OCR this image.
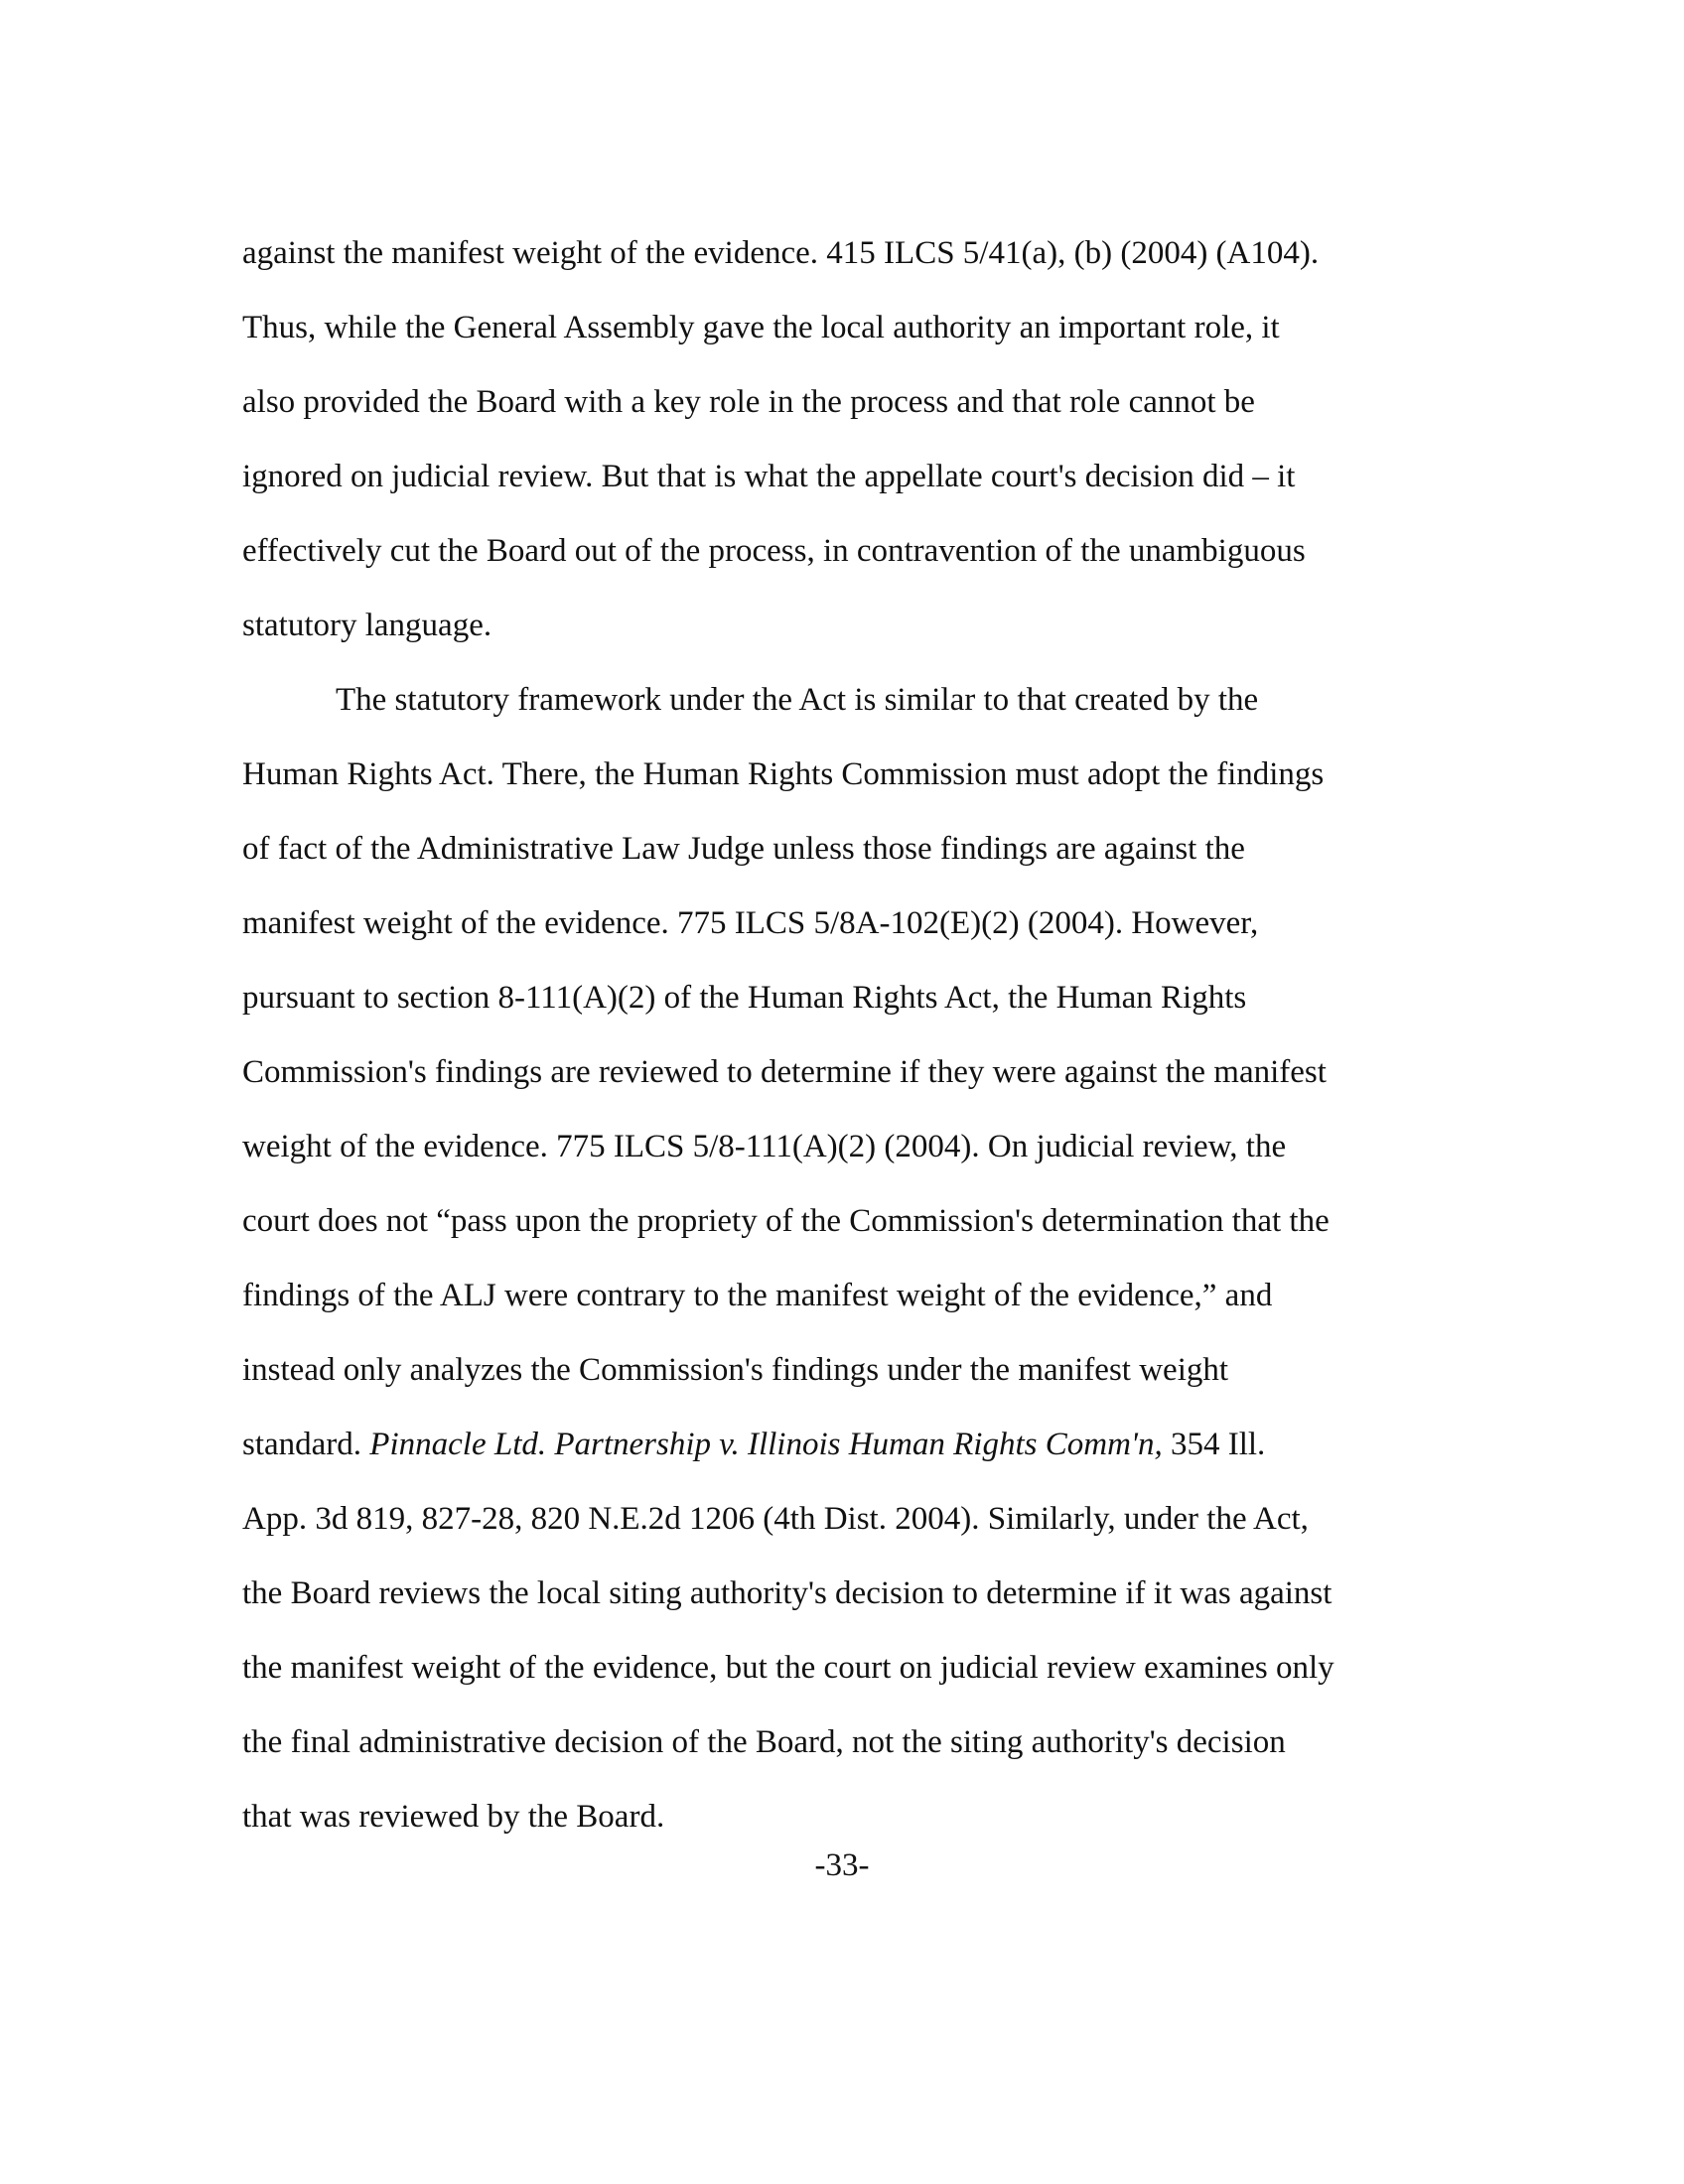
against the manifest weight of the evidence. 415 ILCS 5/41(a), (b) (2004) (A104).
Thus, while the General Assembly gave the local authority an important role, it
also provided the Board with a key role in the process and that role cannot be
ignored on judicial review. But that is what the appellate court's decision did – it
effectively cut the Board out of the process, in contravention of the unambiguous
statutory language.
The statutory framework under the Act is similar to that created by the
Human Rights Act. There, the Human Rights Commission must adopt the findings
of fact of the Administrative Law Judge unless those findings are against the
manifest weight of the evidence. 775 ILCS 5/8A-102(E)(2) (2004). However,
pursuant to section 8-111(A)(2) of the Human Rights Act, the Human Rights
Commission's findings are reviewed to determine if they were against the manifest
weight of the evidence. 775 ILCS 5/8-111(A)(2) (2004). On judicial review, the
court does not “pass upon the propriety of the Commission's determination that the
findings of the ALJ were contrary to the manifest weight of the evidence,” and
instead only analyzes the Commission's findings under the manifest weight
standard. Pinnacle Ltd. Partnership v. Illinois Human Rights Comm'n, 354 Ill.
App. 3d 819, 827-28, 820 N.E.2d 1206 (4th Dist. 2004). Similarly, under the Act,
the Board reviews the local siting authority's decision to determine if it was against
the manifest weight of the evidence, but the court on judicial review examines only
the final administrative decision of the Board, not the siting authority's decision
that was reviewed by the Board.
-33-
